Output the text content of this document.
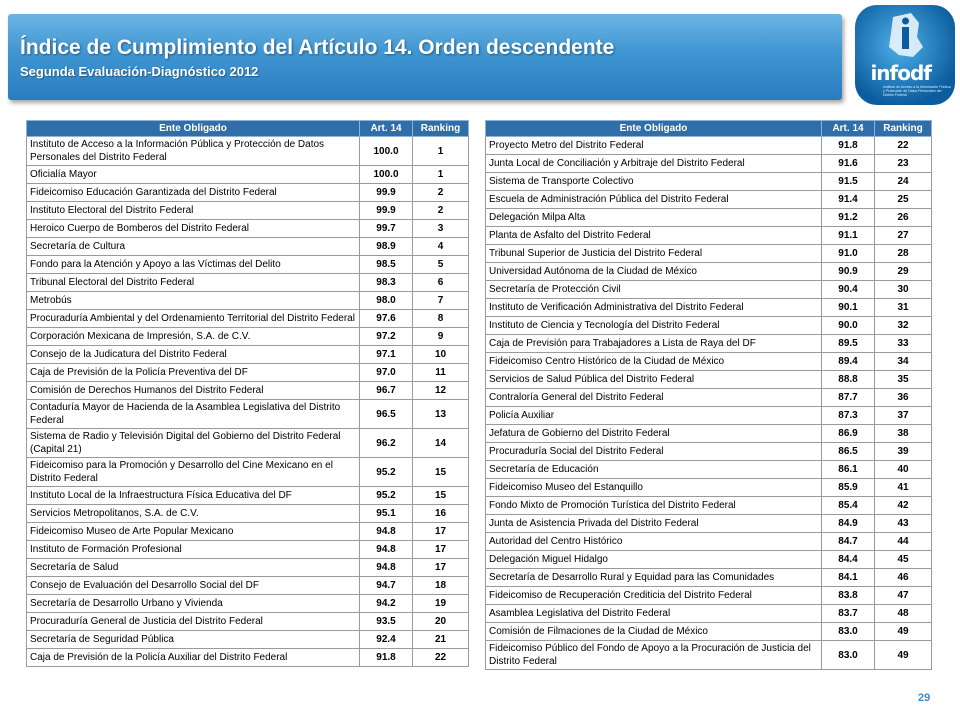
Índice de Cumplimiento del Artículo 14. Orden descendente
Segunda Evaluación-Diagnóstico 2012	infodf
Instituto de Acceso a la Información Pública y Protección de Datos Personales del Distrito Federal
Ente Obligado	Art. 14	Ranking
Instituto de Acceso a la Información Pública y Protección de Datos Personales del Distrito Federal	100.0	1
Oficialía Mayor	100.0	1
Fideicomiso Educación Garantizada del Distrito Federal	99.9	2
Instituto Electoral del Distrito Federal	99.9	2
Heroico Cuerpo de Bomberos del Distrito Federal	99.7	3
Secretaría de Cultura	98.9	4
Fondo para la Atención y Apoyo a las Víctimas del Delito	98.5	5
Tribunal Electoral del Distrito Federal	98.3	6
Metrobús	98.0	7
Procuraduría Ambiental y del Ordenamiento Territorial del Distrito Federal	97.6	8
Corporación Mexicana de Impresión, S.A. de C.V.	97.2	9
Consejo de la Judicatura del Distrito Federal	97.1	10
Caja de Previsión de la Policía Preventiva del DF	97.0	11
Comisión de Derechos Humanos del Distrito Federal	96.7	12
Contaduría Mayor de Hacienda de la Asamblea Legislativa del Distrito Federal	96.5	13
Sistema de Radio y Televisión Digital del Gobierno del Distrito Federal (Capital 21)	96.2	14
Fideicomiso para la Promoción y Desarrollo del Cine Mexicano en el Distrito Federal	95.2	15
Instituto Local de la Infraestructura Física Educativa del DF	95.2	15
Servicios Metropolitanos, S.A. de C.V.	95.1	16
Fideicomiso Museo de Arte Popular Mexicano	94.8	17
Instituto de Formación Profesional	94.8	17
Secretaría de Salud	94.8	17
Consejo de Evaluación del Desarrollo Social del DF	94.7	18
Secretaría de Desarrollo Urbano y Vivienda	94.2	19
Procuraduría General de Justicia del Distrito Federal	93.5	20
Secretaría de Seguridad Pública	92.4	21
Caja de Previsión de la Policía Auxiliar del Distrito Federal	91.8	22
Ente Obligado	Art. 14	Ranking
Proyecto Metro del Distrito Federal	91.8	22
Junta Local de Conciliación y Arbitraje del Distrito Federal	91.6	23
Sistema de Transporte Colectivo	91.5	24
Escuela de Administración Pública del Distrito Federal	91.4	25
Delegación Milpa Alta	91.2	26
Planta de Asfalto del Distrito Federal	91.1	27
Tribunal Superior de Justicia del Distrito Federal	91.0	28
Universidad Autónoma de la Ciudad de México	90.9	29
Secretaría de Protección Civil	90.4	30
Instituto de Verificación Administrativa del Distrito Federal	90.1	31
Instituto de Ciencia y Tecnología del Distrito Federal	90.0	32
Caja de Previsión para Trabajadores a Lista de Raya del DF	89.5	33
Fideicomiso Centro Histórico de la Ciudad de México	89.4	34
Servicios de Salud Pública del Distrito Federal	88.8	35
Contraloría General del Distrito Federal	87.7	36
Policía Auxiliar	87.3	37
Jefatura de Gobierno del Distrito Federal	86.9	38
Procuraduría Social del Distrito Federal	86.5	39
Secretaría de Educación	86.1	40
Fideicomiso Museo del Estanquillo	85.9	41
Fondo Mixto de Promoción Turística del Distrito Federal	85.4	42
Junta de Asistencia Privada del Distrito Federal	84.9	43
Autoridad del Centro Histórico	84.7	44
Delegación Miguel Hidalgo	84.4	45
Secretaría de Desarrollo Rural y Equidad para las Comunidades	84.1	46
Fideicomiso de Recuperación Crediticia del Distrito Federal	83.8	47
Asamblea Legislativa del Distrito Federal	83.7	48
Comisión de Filmaciones de la Ciudad de México	83.0	49
Fideicomiso Público del Fondo de Apoyo a la Procuración de Justicia del Distrito Federal	83.0	49
29
